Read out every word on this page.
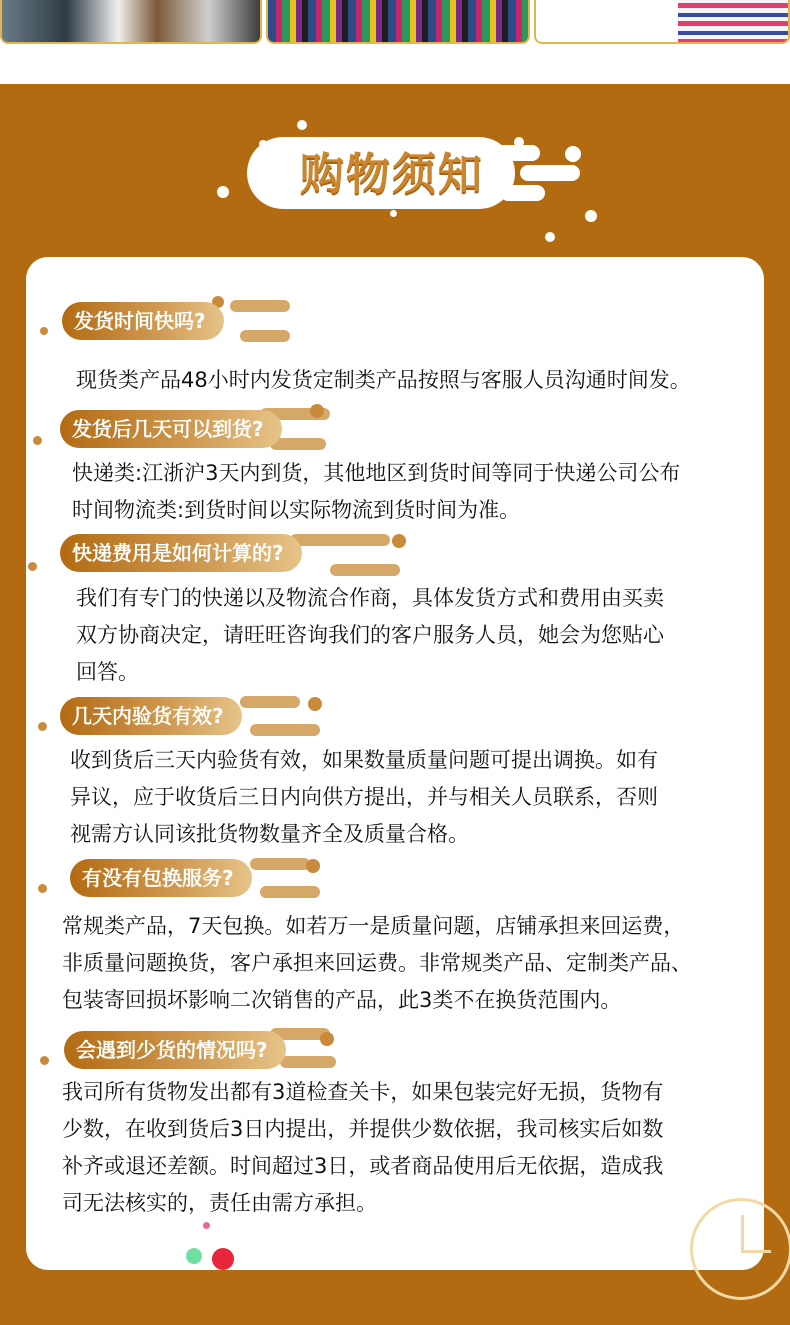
购物须知
发货时间快吗?
现货类产品48小时内发货定制类产品按照与客服人员沟通时间发。
发货后几天可以到货?
快递类:江浙沪3天内到货，其他地区到货时间等同于快递公司公布
时间物流类:到货时间以实际物流到货时间为准。
快递费用是如何计算的?
我们有专门的快递以及物流合作商，具体发货方式和费用由买卖
双方协商决定，请旺旺咨询我们的客户服务人员，她会为您贴心
回答。
几天内验货有效?
收到货后三天内验货有效，如果数量质量问题可提出调换。如有
异议，应于收货后三日内向供方提出，并与相关人员联系，否则
视需方认同该批货物数量齐全及质量合格。
有没有包换服务?
常规类产品，7天包换。如若万一是质量问题，店铺承担来回运费，
非质量问题换货，客户承担来回运费。非常规类产品、定制类产品、
包装寄回损坏影响二次销售的产品，此3类不在换货范围内。
会遇到少货的情况吗?
我司所有货物发出都有3道检查关卡，如果包装完好无损，货物有
少数，在收到货后3日内提出，并提供少数依据，我司核实后如数
补齐或退还差额。时间超过3日，或者商品使用后无依据，造成我
司无法核实的，责任由需方承担。
